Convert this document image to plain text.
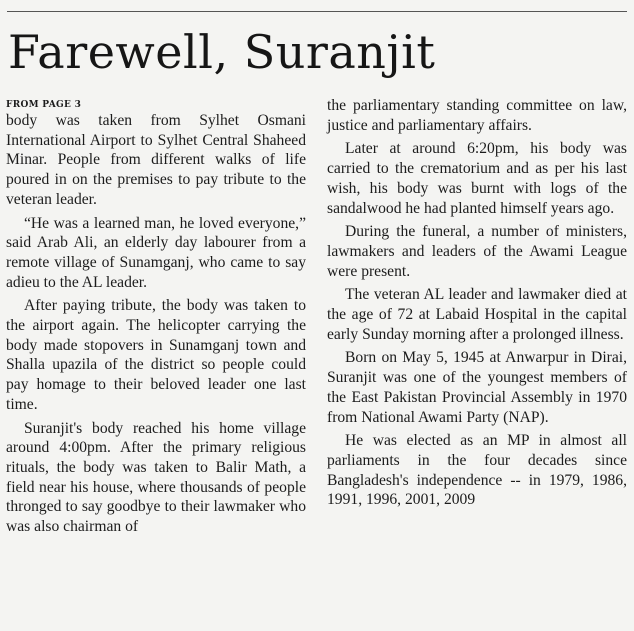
Farewell, Suranjit
FROM PAGE 3

body was taken from Sylhet Osmani International Airport to Sylhet Central Shaheed Minar. People from different walks of life poured in on the premises to pay tribute to the veteran leader.

“He was a learned man, he loved everyone,” said Arab Ali, an elderly day labourer from a remote village of Sunamganj, who came to say adieu to the AL leader.

After paying tribute, the body was taken to the airport again. The helicopter carrying the body made stopovers in Sunamganj town and Shalla upazila of the district so people could pay homage to their beloved leader one last time.

Suranjit's body reached his home village around 4:00pm. After the primary religious rituals, the body was taken to Balir Math, a field near his house, where thousands of people thronged to say goodbye to their lawmaker who was also chairman of

the parliamentary standing committee on law, justice and parliamentary affairs.

Later at around 6:20pm, his body was carried to the crematorium and as per his last wish, his body was burnt with logs of the sandalwood he had planted himself years ago.

During the funeral, a number of ministers, lawmakers and leaders of the Awami League were present.

The veteran AL leader and lawmaker died at the age of 72 at Labaid Hospital in the capital early Sunday morning after a prolonged illness.

Born on May 5, 1945 at Anwarpur in Dirai, Suranjit was one of the youngest members of the East Pakistan Provincial Assembly in 1970 from National Awami Party (NAP).

He was elected as an MP in almost all parliaments in the four decades since Bangladesh's independence -- in 1979, 1986, 1991, 1996, 2001, 2009
